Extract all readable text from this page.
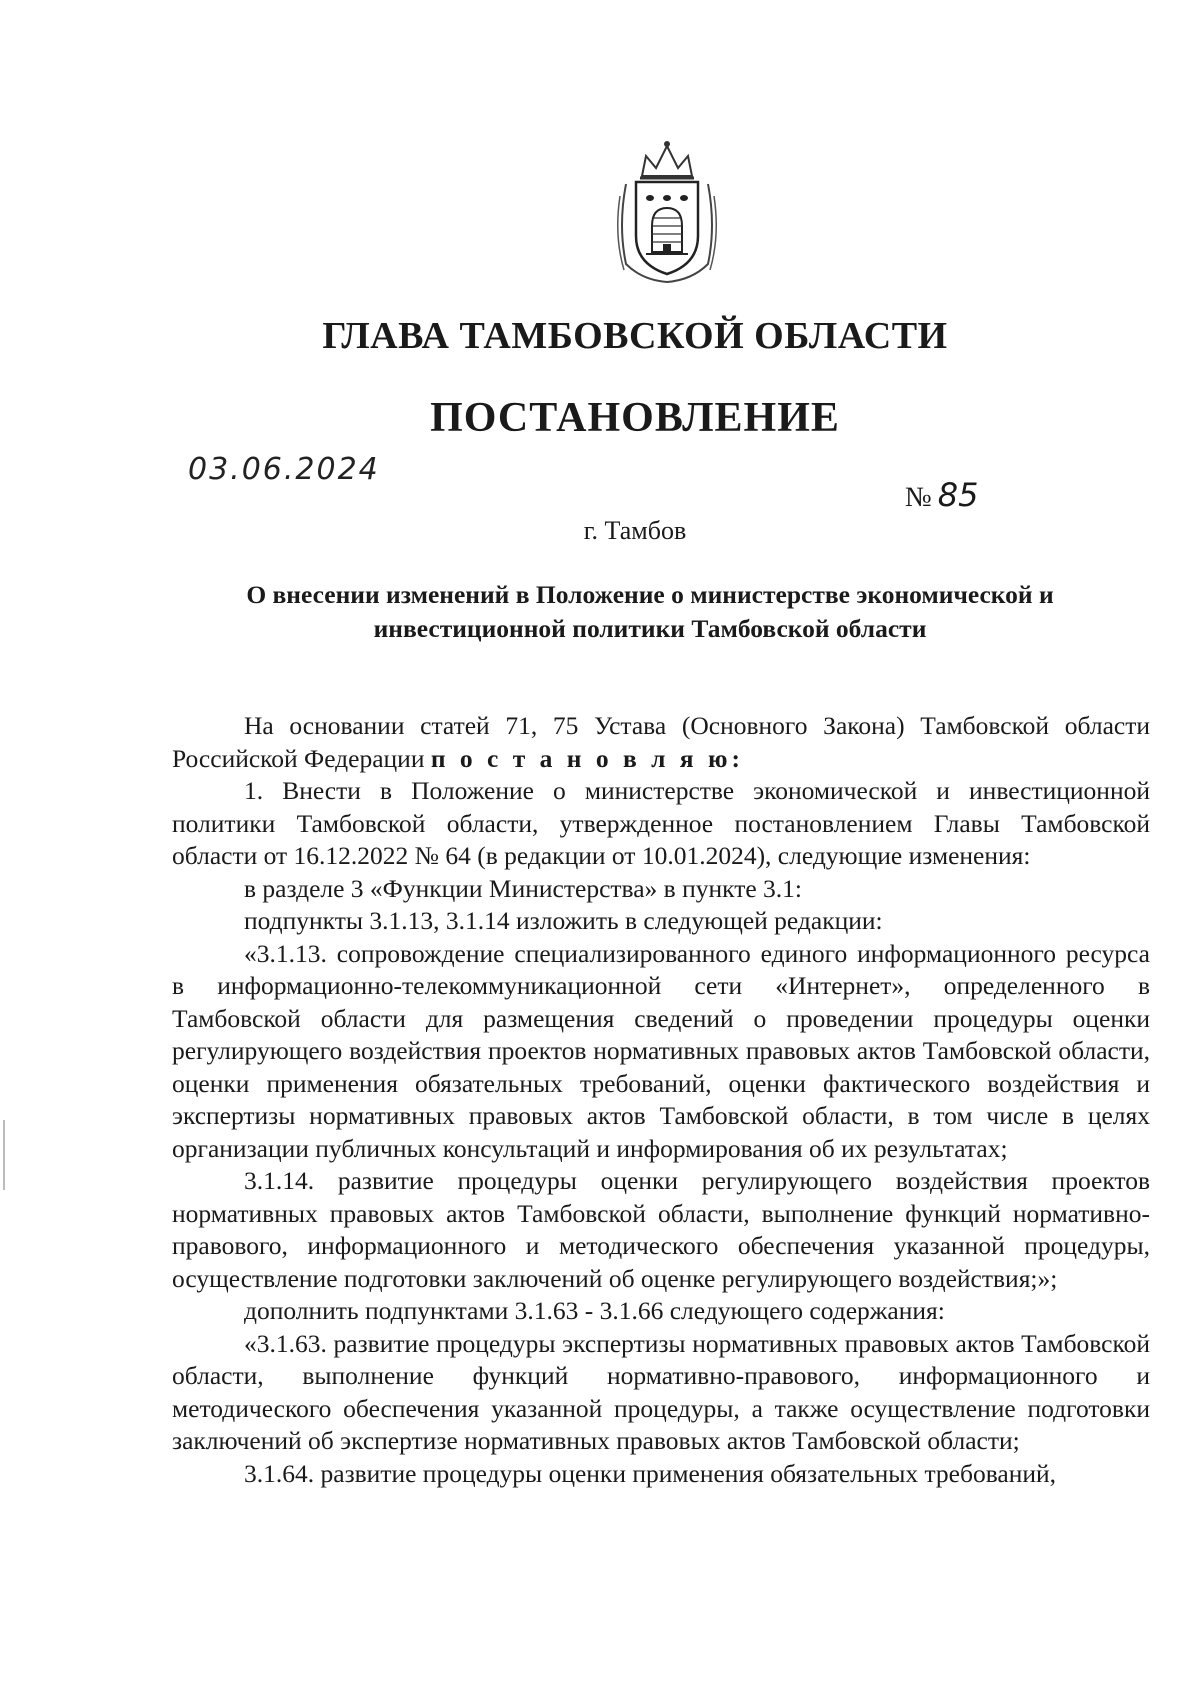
ГЛАВА ТАМБОВСКОЙ ОБЛАСТИ
ПОСТАНОВЛЕНИЕ
03.06.2024
№ 85
г. Тамбов
О внесении изменений в Положение о министерстве экономической и инвестиционной политики Тамбовской области

На основании статей 71, 75 Устава (Основного Закона) Тамбовской области Российской Федерации п о с т а н о в л я ю:

1. Внести в Положение о министерстве экономической и инвестиционной политики Тамбовской области, утвержденное постановлением Главы Тамбовской области от 16.12.2022 № 64 (в редакции от 10.01.2024), следующие изменения:

в разделе 3 «Функции Министерства» в пункте 3.1:

подпункты 3.1.13, 3.1.14 изложить в следующей редакции:

«3.1.13. сопровождение специализированного единого информационного ресурса в информационно-телекоммуникационной сети «Интернет», определенного в Тамбовской области для размещения сведений о проведении процедуры оценки регулирующего воздействия проектов нормативных правовых актов Тамбовской области, оценки применения обязательных требований, оценки фактического воздействия и экспертизы нормативных правовых актов Тамбовской области, в том числе в целях организации публичных консультаций и информирования об их результатах;

3.1.14. развитие процедуры оценки регулирующего воздействия проектов нормативных правовых актов Тамбовской области, выполнение функций нормативно-правового, информационного и методического обеспечения указанной процедуры, осуществление подготовки заключений об оценке регулирующего воздействия;»;

дополнить подпунктами 3.1.63 - 3.1.66 следующего содержания:

«3.1.63. развитие процедуры экспертизы нормативных правовых актов Тамбовской области, выполнение функций нормативно-правового, информационного и методического обеспечения указанной процедуры, а также осуществление подготовки заключений об экспертизе нормативных правовых актов Тамбовской области;

3.1.64. развитие процедуры оценки применения обязательных требований,
